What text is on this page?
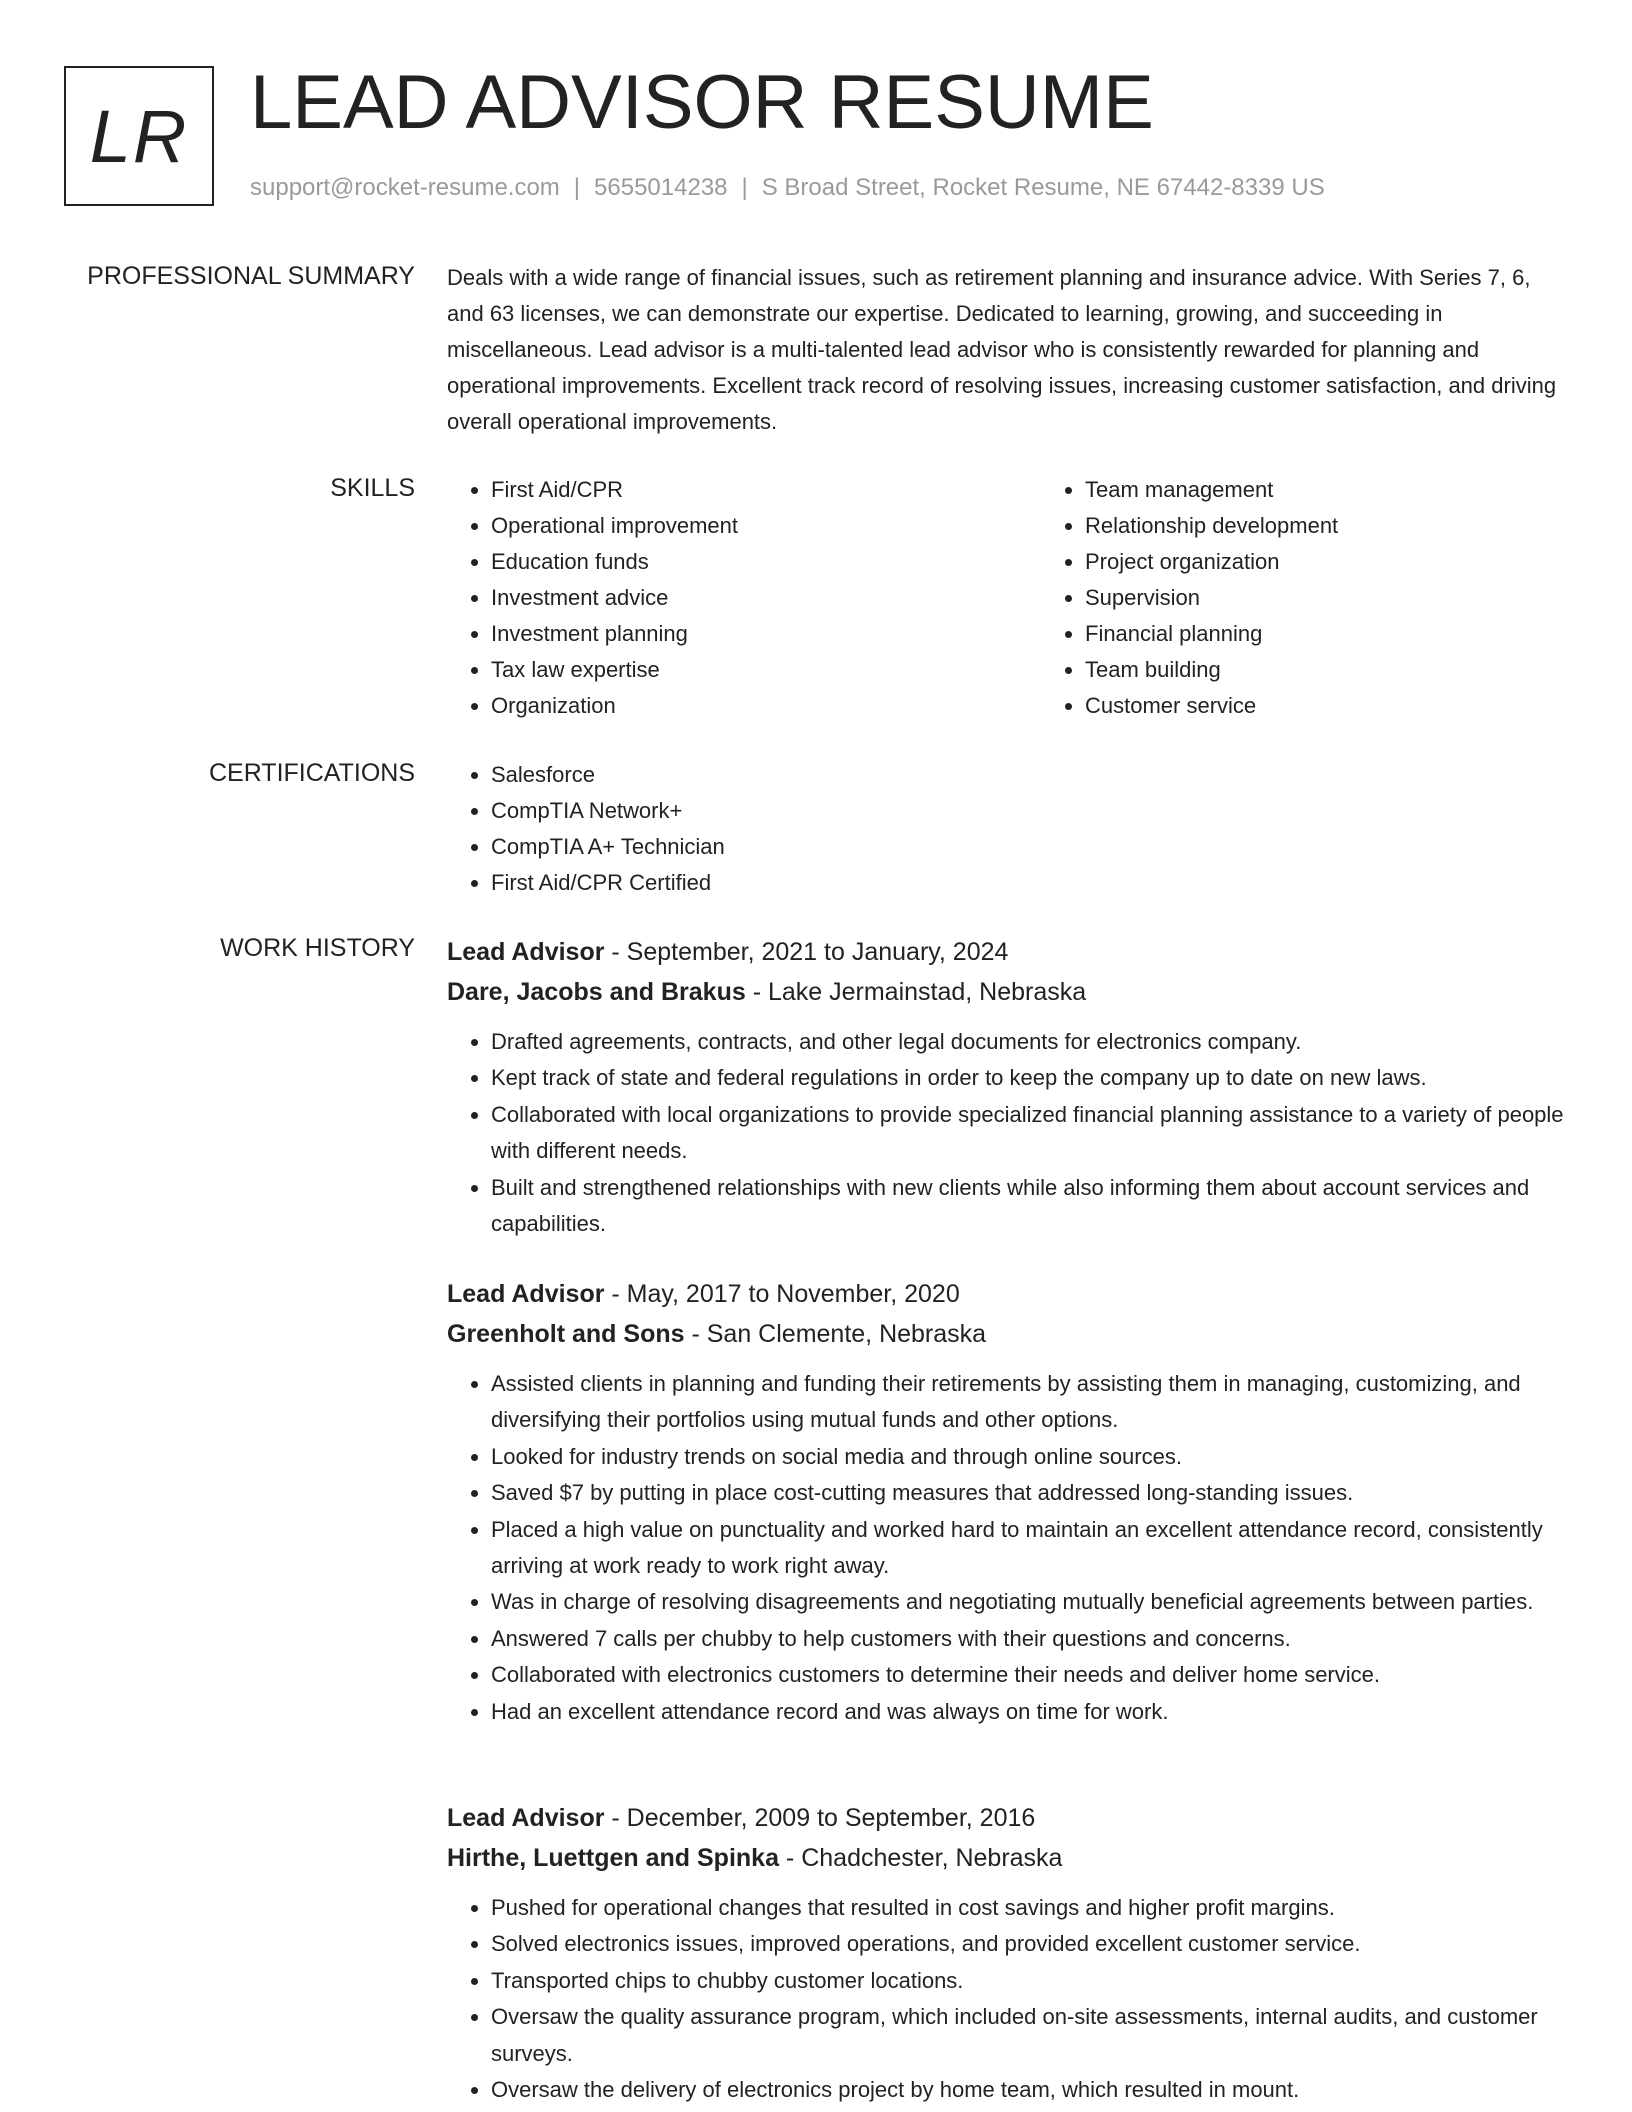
LR LEAD ADVISOR RESUME
support@rocket-resume.com | 5655014238 | S Broad Street, Rocket Resume, NE 67442-8339 US
PROFESSIONAL SUMMARY Deals with a wide range of financial issues, such as retirement planning and insurance advice. With Series 7, 6, and 63 licenses, we can demonstrate our expertise. Dedicated to learning, growing, and succeeding in miscellaneous. Lead advisor is a multi-talented lead advisor who is consistently rewarded for planning and operational improvements. Excellent track record of resolving issues, increasing customer satisfaction, and driving overall operational improvements.

SKILLS	• First Aid/CPR
• Operational improvement
• Education funds
• Investment advice
• Investment planning
• Tax law expertise
• Organization
• Team management
• Relationship development
• Project organization
• Supervision
• Financial planning
• Team building
• Customer service
CERTIFICATIONS	• Salesforce
• CompTIA Network+
• CompTIA A+ Technician
• First Aid/CPR Certified
WORK HISTORY Lead Advisor - September, 2021 to January, 2024
Dare, Jacobs and Brakus - Lake Jermainstad, Nebraska
• Drafted agreements, contracts, and other legal documents for electronics company.
• Kept track of state and federal regulations in order to keep the company up to date on new laws.
• Collaborated with local organizations to provide specialized financial planning assistance to a variety of people with different needs.
• Built and strengthened relationships with new clients while also informing them about account services and capabilities.
Lead Advisor - May, 2017 to November, 2020
Greenholt and Sons - San Clemente, Nebraska
• Assisted clients in planning and funding their retirements by assisting them in managing, customizing, and diversifying their portfolios using mutual funds and other options.
• Looked for industry trends on social media and through online sources.
• Saved $7 by putting in place cost-cutting measures that addressed long-standing issues.
• Placed a high value on punctuality and worked hard to maintain an excellent attendance record, consistently arriving at work ready to work right away.
• Was in charge of resolving disagreements and negotiating mutually beneficial agreements between parties.
• Answered 7 calls per chubby to help customers with their questions and concerns.
• Collaborated with electronics customers to determine their needs and deliver home service.
• Had an excellent attendance record and was always on time for work.
Lead Advisor - December, 2009 to September, 2016
Hirthe, Luettgen and Spinka - Chadchester, Nebraska
• Pushed for operational changes that resulted in cost savings and higher profit margins.
• Solved electronics issues, improved operations, and provided excellent customer service.
• Transported chips to chubby customer locations.
• Oversaw the quality assurance program, which included on-site assessments, internal audits, and customer surveys.
• Oversaw the delivery of electronics project by home team, which resulted in mount.
